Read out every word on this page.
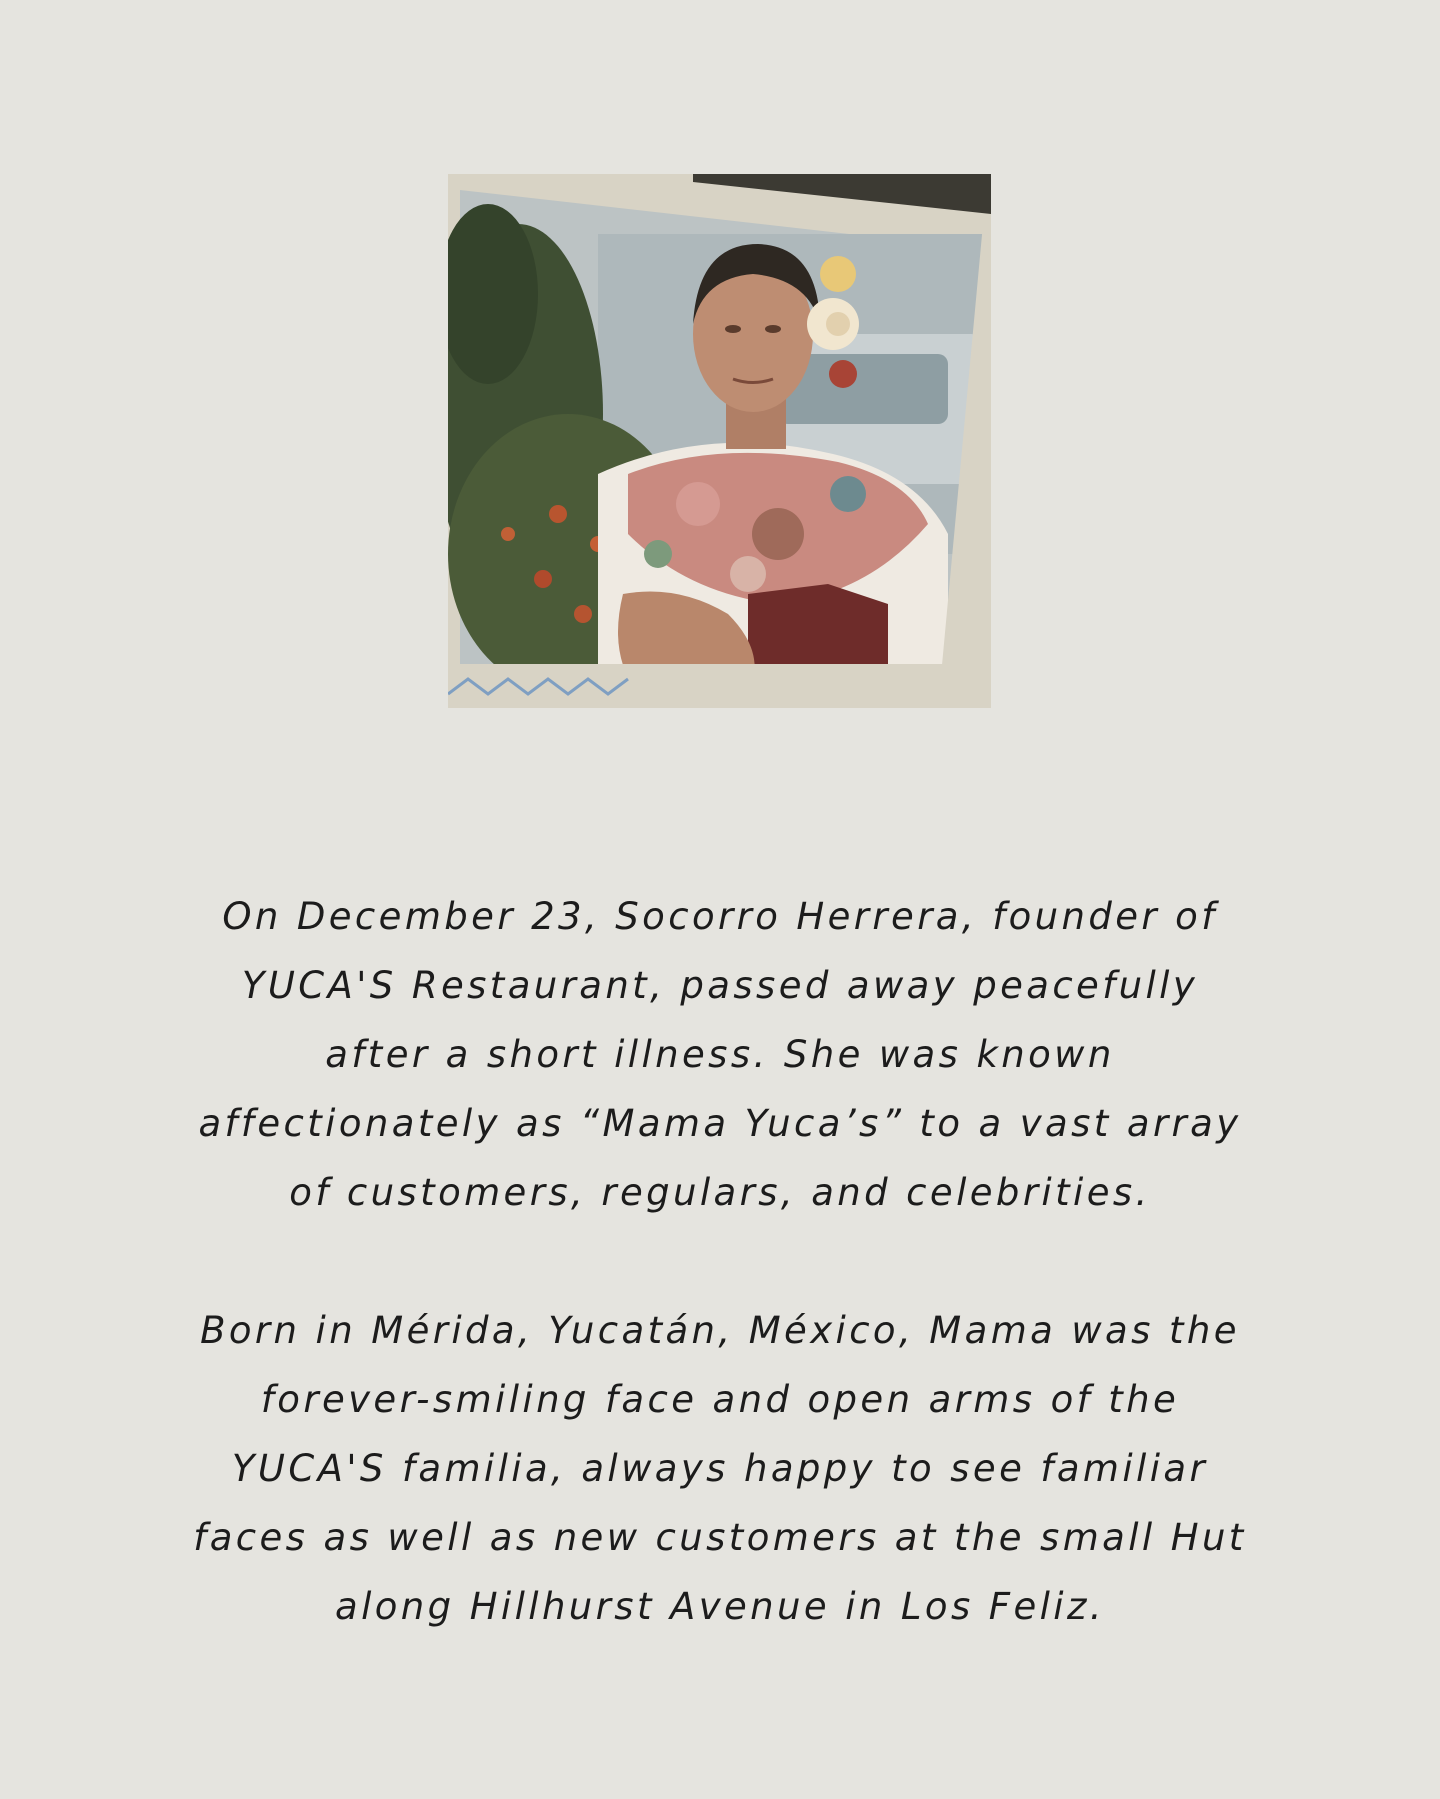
On December 23, Socorro Herrera, founder of
YUCA'S Restaurant, passed away peacefully
after a short illness. She was known
affectionately as “Mama Yuca’s” to a vast array
of customers, regulars, and celebrities.

Born in Mérida, Yucatán, México, Mama was the
forever-smiling face and open arms of the
YUCA'S familia, always happy to see familiar
faces as well as new customers at the small Hut
along Hillhurst Avenue in Los Feliz.
